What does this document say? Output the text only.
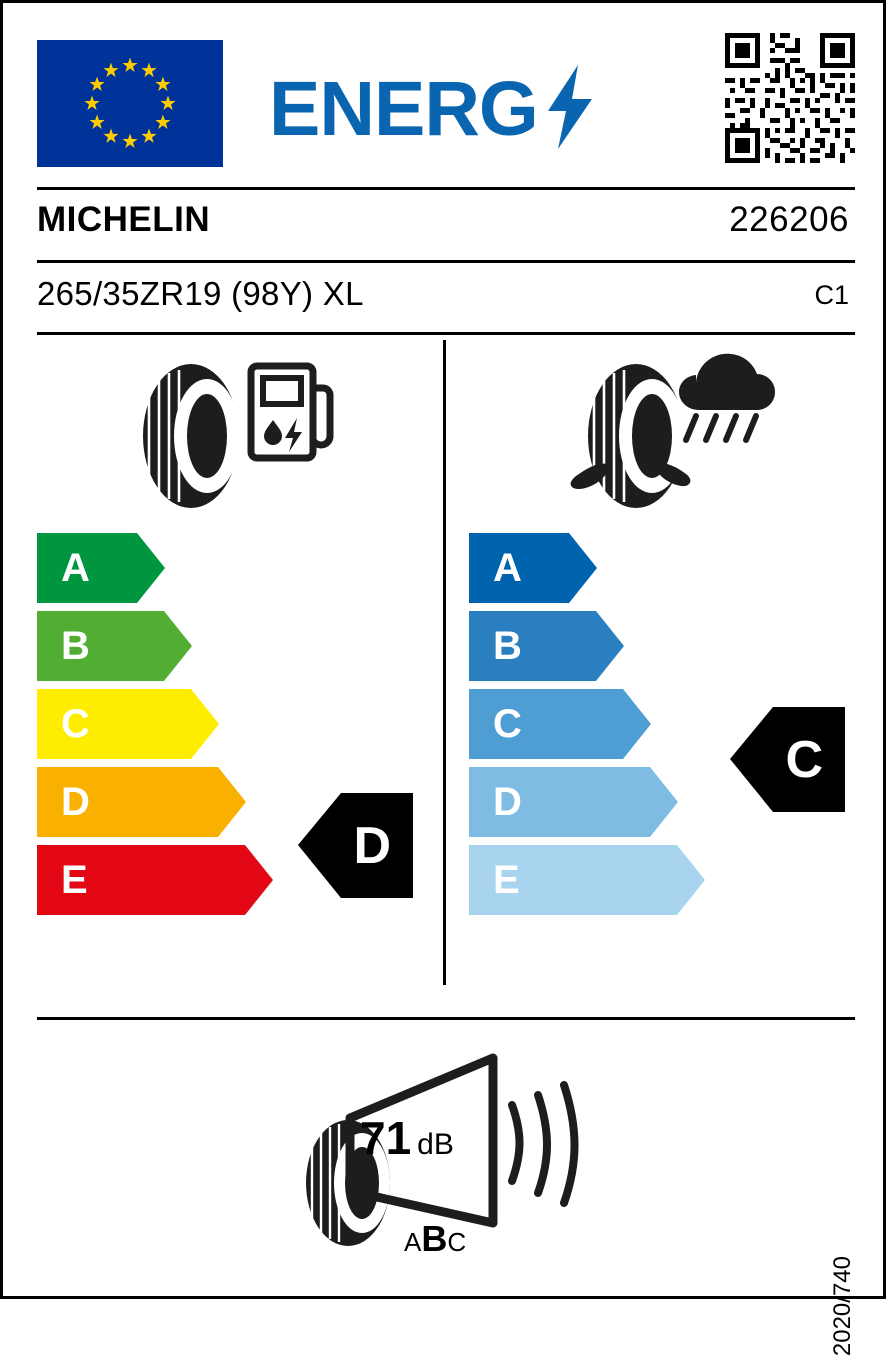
ENERG
MICHELIN	226206
265/35ZR19 (98Y) XL	C1
A
B
C
D
E
A
B
C
D
E
D
C
71 dB
A B C
2020/740
